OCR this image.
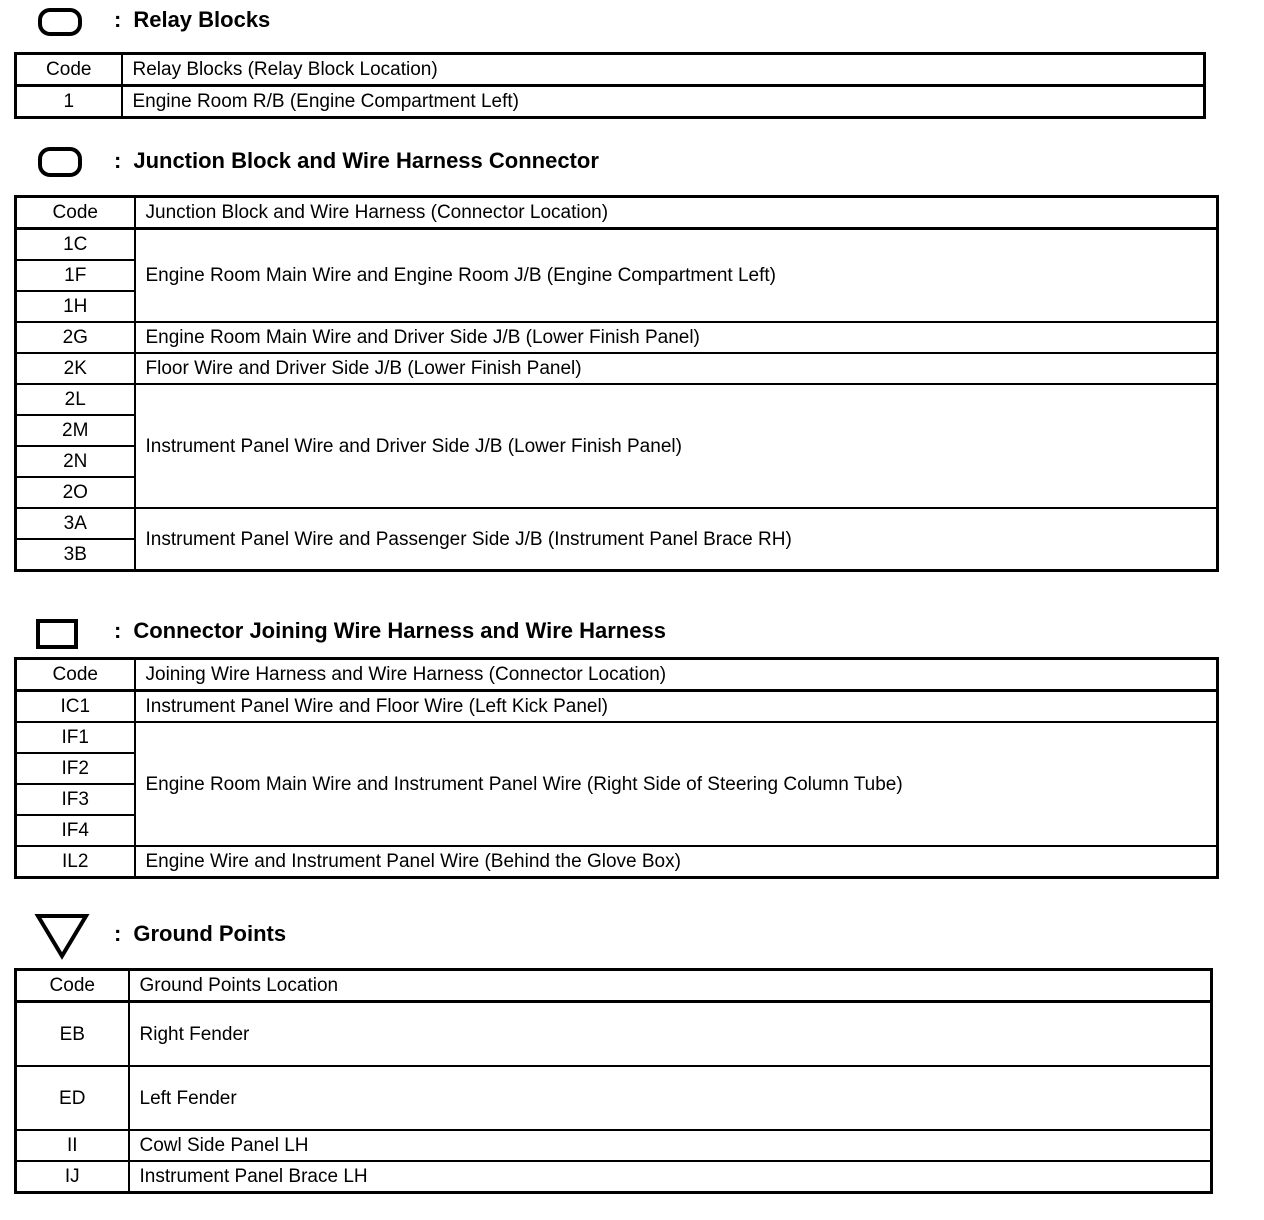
: Relay Blocks
Code	Relay Blocks (Relay Block Location)
1	Engine Room R/B (Engine Compartment Left)
: Junction Block and Wire Harness Connector
Code	Junction Block and Wire Harness (Connector Location)
1C	Engine Room Main Wire and Engine Room J/B (Engine Compartment Left)
1F	
1H	
2G	Engine Room Main Wire and Driver Side J/B (Lower Finish Panel)
2K	Floor Wire and Driver Side J/B (Lower Finish Panel)
2L	Instrument Panel Wire and Driver Side J/B (Lower Finish Panel)
2M	
2N	
2O	
3A	Instrument Panel Wire and Passenger Side J/B (Instrument Panel Brace RH)
3B	
: Connector Joining Wire Harness and Wire Harness
Code	Joining Wire Harness and Wire Harness (Connector Location)
IC1	Instrument Panel Wire and Floor Wire (Left Kick Panel)
IF1	Engine Room Main Wire and Instrument Panel Wire (Right Side of Steering Column Tube)
IF2	
IF3	
IF4	
IL2	Engine Wire and Instrument Panel Wire (Behind the Glove Box)
: Ground Points
Code	Ground Points Location
EB	Right Fender
ED	Left Fender
II	Cowl Side Panel LH
IJ	Instrument Panel Brace LH
